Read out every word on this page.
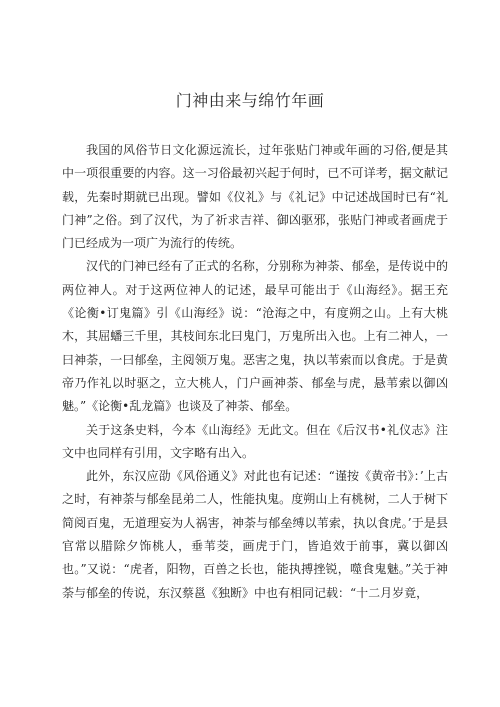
门神由来与绵竹年画

我国的风俗节日文化源远流长，过年张贴门神或年画的习俗,便是其中一项很重要的内容。这一习俗最初兴起于何时，已不可详考，据文献记载，先秦时期就已出现。譬如《仪礼》与《礼记》中记述战国时已有“礼门神”之俗。到了汉代，为了祈求吉祥、御凶驱邪，张贴门神或者画虎于门已经成为一项广为流行的传统。

汉代的门神已经有了正式的名称，分别称为神荼、郁垒，是传说中的两位神人。对于这两位神人的记述，最早可能出于《山海经》。据王充《论衡•订鬼篇》引《山海经》说：“沧海之中，有度朔之山。上有大桃木，其屈蟠三千里，其枝间东北曰鬼门，万鬼所出入也。上有二神人，一曰神荼，一曰郁垒，主阅领万鬼。恶害之鬼，执以苇索而以食虎。于是黄帝乃作礼以时驱之，立大桃人，门户画神荼、郁垒与虎，悬苇索以御凶魅。”《论衡•乱龙篇》也谈及了神荼、郁垒。

关于这条史料，今本《山海经》无此文。但在《后汉书•礼仪志》注文中也同样有引用，文字略有出入。

此外，东汉应劭《风俗通义》对此也有记述：“谨按《黄帝书》：’上古之时，有神荼与郁垒昆弟二人，性能执鬼。度朔山上有桃树，二人于树下简阅百鬼，无道理妄为人祸害，神荼与郁垒缚以苇索，执以食虎。’于是县官常以腊除夕饰桃人，垂苇茭，画虎于门，皆追效于前事，冀以御凶也。”又说：“虎者，阳物，百兽之长也，能执搏挫锐，噬食鬼魅。”关于神荼与郁垒的传说，东汉蔡邕《独断》中也有相同记载：“十二月岁竟，
